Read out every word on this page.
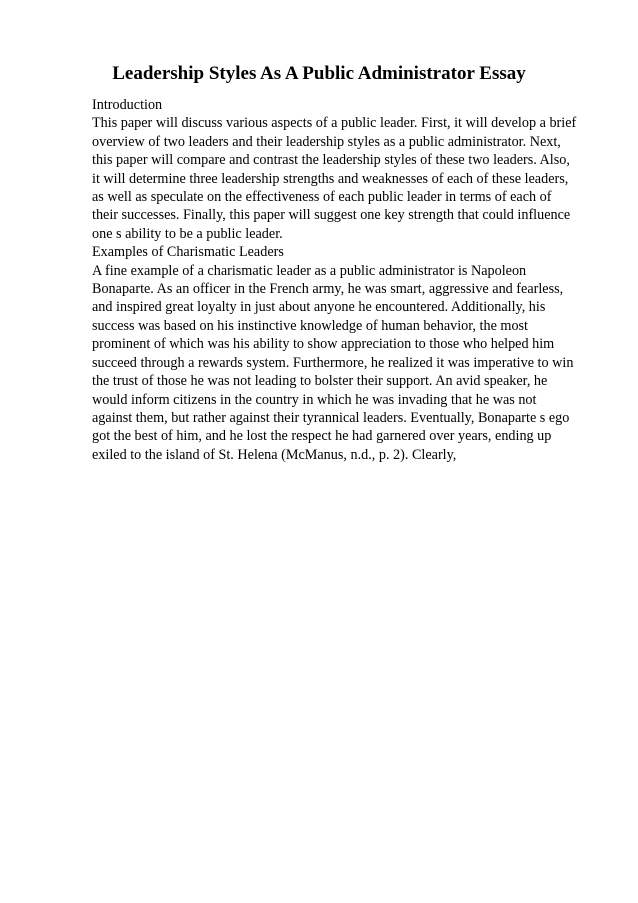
Leadership Styles As A Public Administrator Essay
Introduction
This paper will discuss various aspects of a public leader. First, it will develop a brief
overview of two leaders and their leadership styles as a public administrator. Next,
this paper will compare and contrast the leadership styles of these two leaders. Also,
it will determine three leadership strengths and weaknesses of each of these leaders,
as well as speculate on the effectiveness of each public leader in terms of each of
their successes. Finally, this paper will suggest one key strength that could influence
one s ability to be a public leader.
Examples of Charismatic Leaders
A fine example of a charismatic leader as a public administrator is Napoleon
Bonaparte. As an officer in the French army, he was smart, aggressive and fearless,
and inspired great loyalty in just about anyone he encountered. Additionally, his
success was based on his instinctive knowledge of human behavior, the most
prominent of which was his ability to show appreciation to those who helped him
succeed through a rewards system. Furthermore, he realized it was imperative to win
the trust of those he was not leading to bolster their support. An avid speaker, he
would inform citizens in the country in which he was invading that he was not
against them, but rather against their tyrannical leaders. Eventually, Bonaparte s ego
got the best of him, and he lost the respect he had garnered over years, ending up
exiled to the island of St. Helena (McManus, n.d., p. 2). Clearly,
